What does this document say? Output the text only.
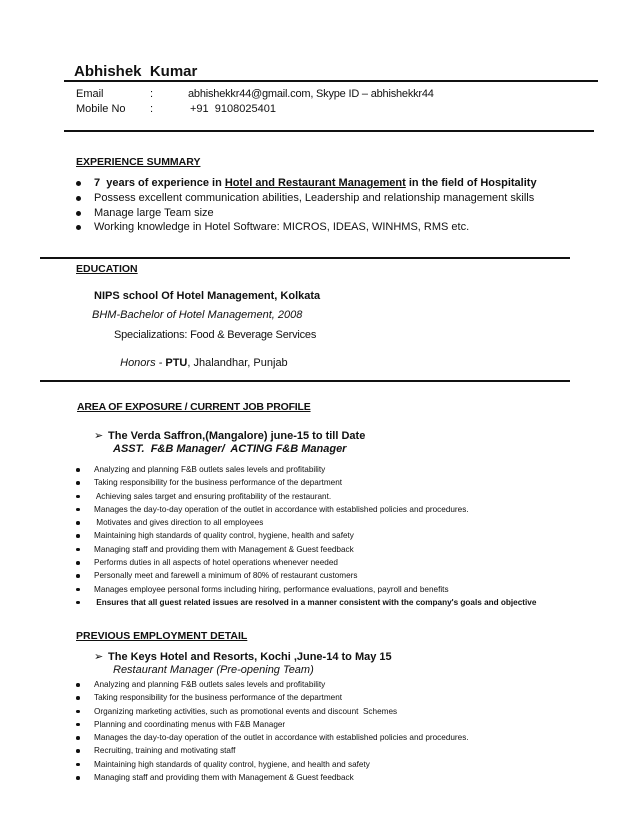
Abhishek  Kumar
Email	:	abhishekkr44@gmail.com, Skype ID – abhishekkr44
Mobile No :	+91  9108025401
EXPERIENCE SUMMARY
7  years of experience in Hotel and Restaurant Management in the field of Hospitality
Possess excellent communication abilities, Leadership and relationship management skills
Manage large Team size
Working knowledge in Hotel Software: MICROS, IDEAS, WINHMS, RMS etc.
EDUCATION
NIPS school Of Hotel Management, Kolkata
BHM-Bachelor of Hotel Management, 2008
Specializations: Food & Beverage Services

Honors - PTU, Jhalandhar, Punjab

AREA OF EXPOSURE / CURRENT JOB PROFILE
➢ The Verda Saffron,(Mangalore) june-15 to till Date
ASST.  F&B Manager/  ACTING F&B Manager
Analyzing and planning F&B outlets sales levels and profitability
Taking responsibility for the business performance of the department
Achieving sales target and ensuring profitability of the restaurant.
Manages the day-to-day operation of the outlet in accordance with established policies and procedures.
Motivates and gives direction to all employees
Maintaining high standards of quality control, hygiene, health and safety
Managing staff and providing them with Management & Guest feedback
Performs duties in all aspects of hotel operations whenever needed
Personally meet and farewell a minimum of 80% of restaurant customers
Manages employee personal forms including hiring, performance evaluations, payroll and benefits
Ensures that all guest related issues are resolved in a manner consistent with the company's goals and objective
PREVIOUS EMPLOYMENT DETAIL
➢ The Keys Hotel and Resorts, Kochi ,June-14 to May 15
Restaurant Manager (Pre-opening Team)
Analyzing and planning F&B outlets sales levels and profitability
Taking responsibility for the business performance of the department
Organizing marketing activities, such as promotional events and discount  Schemes
Planning and coordinating menus with F&B Manager
Manages the day-to-day operation of the outlet in accordance with established policies and procedures.
Recruiting, training and motivating staff
Maintaining high standards of quality control, hygiene, and health and safety
Managing staff and providing them with Management & Guest feedback
